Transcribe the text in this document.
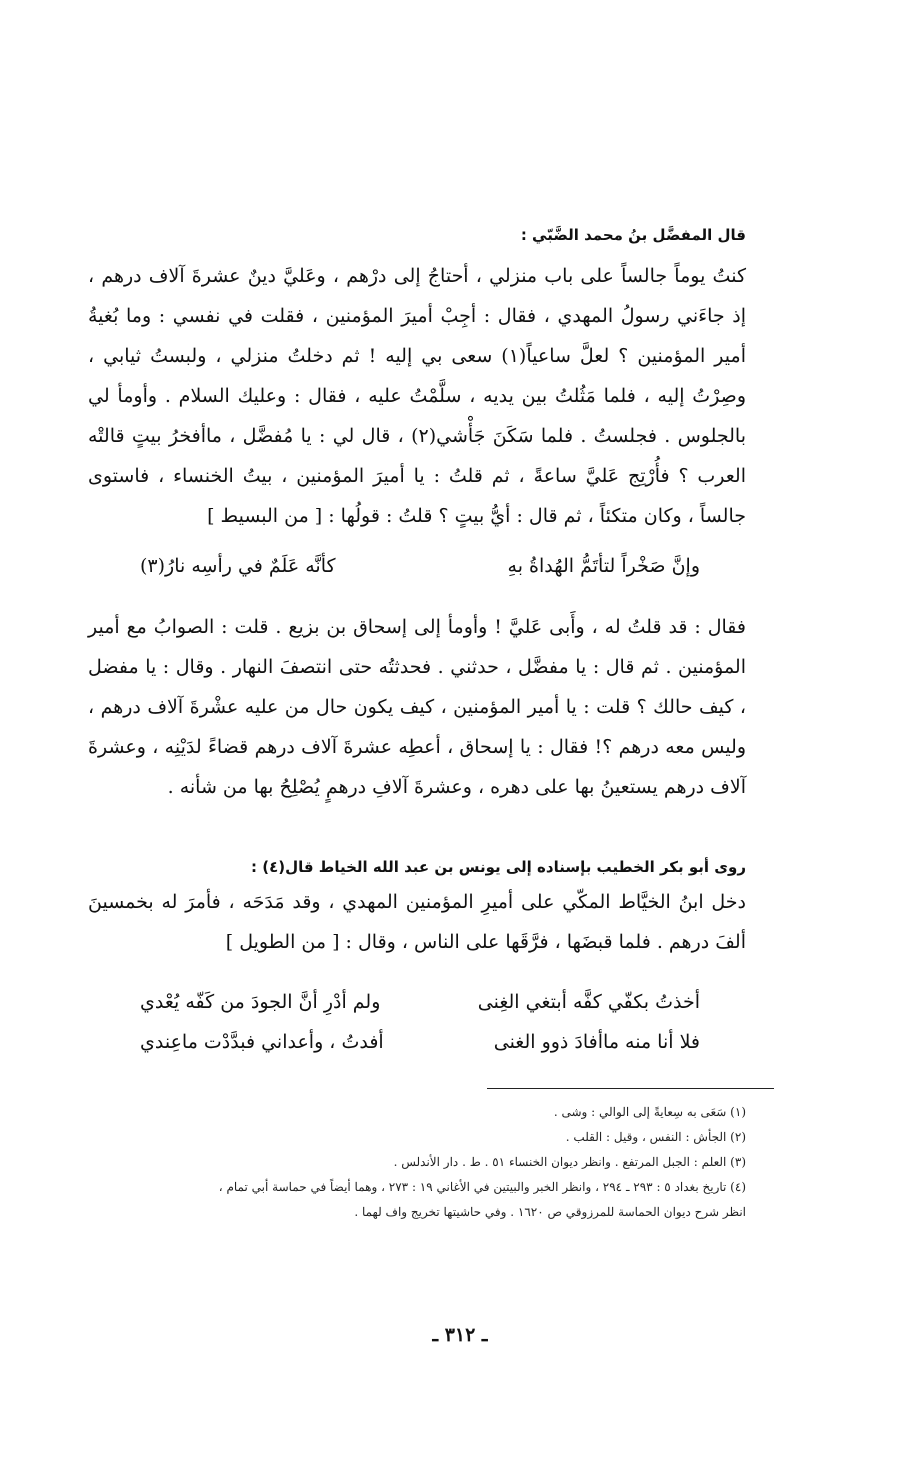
قال المفضَّل بنُ محمد الضَّبّي :

كنتُ يوماً جالساً على باب منزلي ، أحتاجُ إلى درْهم ، وعَليَّ دينٌ عشرةَ آلاف درهم ، إذ جاءَني رسولُ المهدي ، فقال : أجِبْ أميرَ المؤمنين ، فقلت في نفسي : وما بُغيةُ أمير المؤمنين ؟ لعلَّ ساعياً(١) سعى بي إليه ! ثم دخلتُ منزلي ، ولبستُ ثيابي ، وصِرْتُ إليه ، فلما مَثُلتُ بين يديه ، سلَّمْتُ عليه ، فقال : وعليك السلام . وأومأ لي بالجلوس . فجلستُ . فلما سَكَنَ جَأْشي(٢) ، قال لي : يا مُفضَّل ، ماأفخرُ بيتٍ قالتْه العرب ؟ فأُرْتِج عَليَّ ساعةً ، ثم قلتُ : يا أميرَ المؤمنين ، بيتُ الخنساء ، فاستوى جالساً ، وكان متكئاً ، ثم قال : أيُّ بيتٍ ؟ قلتُ : قولُها : [ من البسيط ]

وإنَّ صَخْراً لتأتَمُّ الهُداةُ بهِ
كأنَّه عَلَمٌ في رأسِه نارُ(٣)

فقال : قد قلتُ له ، وأَبى عَليَّ ! وأومأ إلى إسحاق بن بزيع . قلت : الصوابُ مع أمير المؤمنين . ثم قال : يا مفضَّل ، حدثني . فحدثتُه حتى انتصفَ النهار . وقال : يا مفضل ، كيف حالك ؟ قلت : يا أمير المؤمنين ، كيف يكون حال من عليه عشْرةَ آلاف درهم ، وليس معه درهم ؟! فقال : يا إسحاق ، أعطِه عشرةَ آلاف درهم قضاءً لدَيْنِه ، وعشرةَ آلاف درهم يستعينُ بها على دهره ، وعشرةَ آلافِ درهمٍ يُصْلِحُ بها من شأنه .

روى أبو بكر الخطيب بإسناده إلى يونس بن عبد الله الخياط قال(٤) :

دخل ابنُ الخيَّاط المكّي على أميرِ المؤمنين المهدي ، وقد مَدَحَه ، فأمرَ له بخمسينَ ألفَ درهم . فلما قبضَها ، فرَّقَها على الناس ، وقال : [ من الطويل ]

أخذتُ بكفّي كفَّه أبتغي الغِنى
ولم أدْرِ أنَّ الجودَ من كَفّه يُعْدي
فلا أنا منه ماأفادَ ذوو الغنى
أفدتُ ، وأعداني فبدَّدْت ماعِندي

(١) سَعَى به سِعايةً إلى الوالي : وشى .

(٢) الجأش : النفس ، وقيل : القلب .

(٣) العلم : الجبل المرتفع . وانظر ديوان الخنساء ٥١ . ط . دار الأندلس .

(٤) تاريخ بغداد ٥ : ٢٩٣ ـ ٢٩٤ ، وانظر الخبر والبيتين في الأغاني ١٩ : ٢٧٣ ، وهما أيضاً في حماسة أبي تمام ،

انظر شرح ديوان الحماسة للمرزوقي ص ١٦٢٠ . وفي حاشيتها تخريج واف لهما .

ـ ٣١٢ ـ
